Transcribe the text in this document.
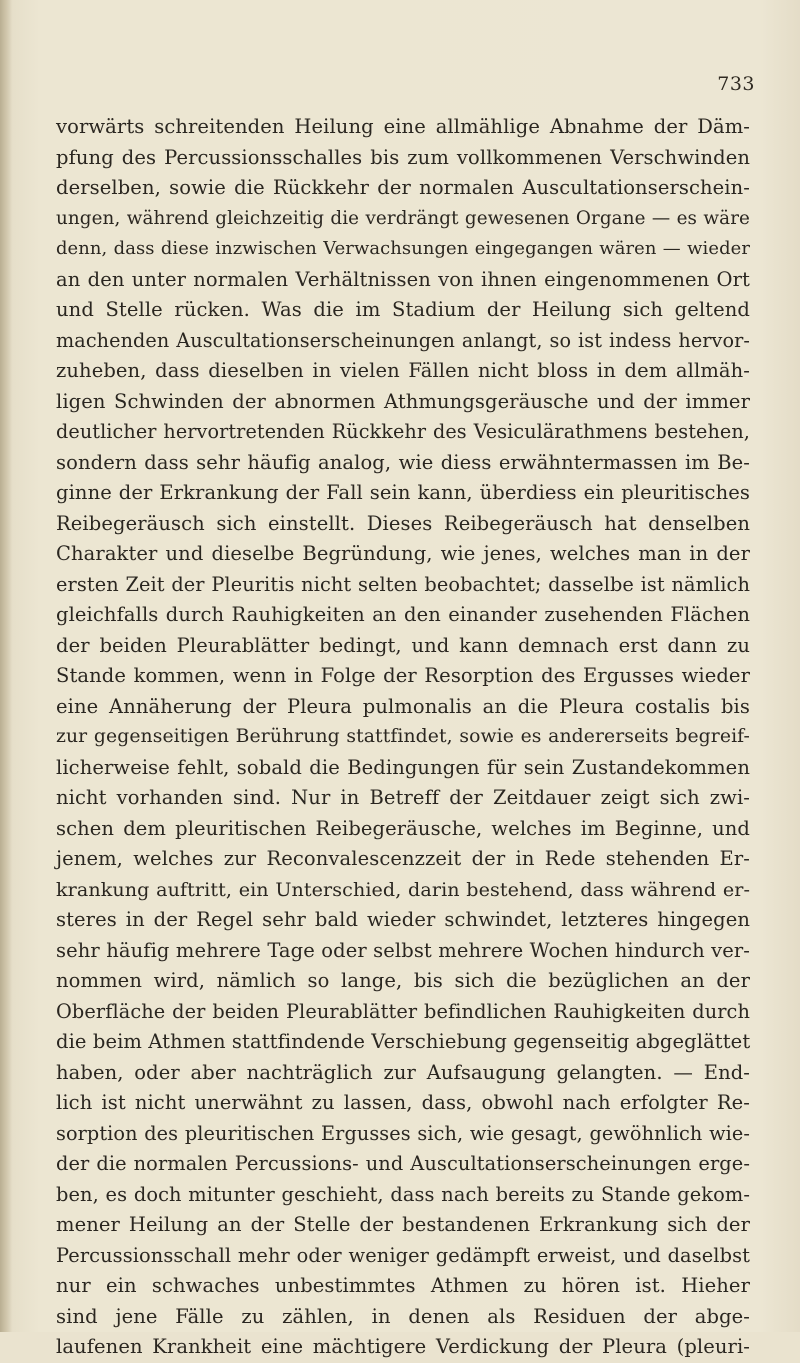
733
vorwärts schreitenden Heilung eine allmählige Abnahme der Däm-
pfung des Percussionsschalles bis zum vollkommenen Verschwinden
derselben, sowie die Rückkehr der normalen Auscultationserschein-
ungen, während gleichzeitig die verdrängt gewesenen Organe — es wäre
denn, dass diese inzwischen Verwachsungen eingegangen wären — wieder
an den unter normalen Verhältnissen von ihnen eingenommenen Ort
und Stelle rücken. Was die im Stadium der Heilung sich geltend
machenden Auscultationserscheinungen anlangt, so ist indess hervor-
zuheben, dass dieselben in vielen Fällen nicht bloss in dem allmäh-
ligen Schwinden der abnormen Athmungsgeräusche und der immer
deutlicher hervortretenden Rückkehr des Vesiculärathmens bestehen,
sondern dass sehr häufig analog, wie diess erwähntermassen im Be-
ginne der Erkrankung der Fall sein kann, überdiess ein pleuritisches
Reibegeräusch sich einstellt. Dieses Reibegeräusch hat denselben
Charakter und dieselbe Begründung, wie jenes, welches man in der
ersten Zeit der Pleuritis nicht selten beobachtet; dasselbe ist nämlich
gleichfalls durch Rauhigkeiten an den einander zusehenden Flächen
der beiden Pleurablätter bedingt, und kann demnach erst dann zu
Stande kommen, wenn in Folge der Resorption des Ergusses wieder
eine Annäherung der Pleura pulmonalis an die Pleura costalis bis
zur gegenseitigen Berührung stattfindet, sowie es andererseits begreif-
licherweise fehlt, sobald die Bedingungen für sein Zustandekommen
nicht vorhanden sind. Nur in Betreff der Zeitdauer zeigt sich zwi-
schen dem pleuritischen Reibegeräusche, welches im Beginne, und
jenem, welches zur Reconvalescenzzeit der in Rede stehenden Er-
krankung auftritt, ein Unterschied, darin bestehend, dass während er-
steres in der Regel sehr bald wieder schwindet, letzteres hingegen
sehr häufig mehrere Tage oder selbst mehrere Wochen hindurch ver-
nommen wird, nämlich so lange, bis sich die bezüglichen an der
Oberfläche der beiden Pleurablätter befindlichen Rauhigkeiten durch
die beim Athmen stattfindende Verschiebung gegenseitig abgeglättet
haben, oder aber nachträglich zur Aufsaugung gelangten. — End-
lich ist nicht unerwähnt zu lassen, dass, obwohl nach erfolgter Re-
sorption des pleuritischen Ergusses sich, wie gesagt, gewöhnlich wie-
der die normalen Percussions- und Auscultationserscheinungen erge-
ben, es doch mitunter geschieht, dass nach bereits zu Stande gekom-
mener Heilung an der Stelle der bestandenen Erkrankung sich der
Percussionsschall mehr oder weniger gedämpft erweist, und daselbst
nur ein schwaches unbestimmtes Athmen zu hören ist. Hieher
sind jene Fälle zu zählen, in denen als Residuen der abge-
laufenen Krankheit eine mächtigere Verdickung der Pleura (pleuri-
